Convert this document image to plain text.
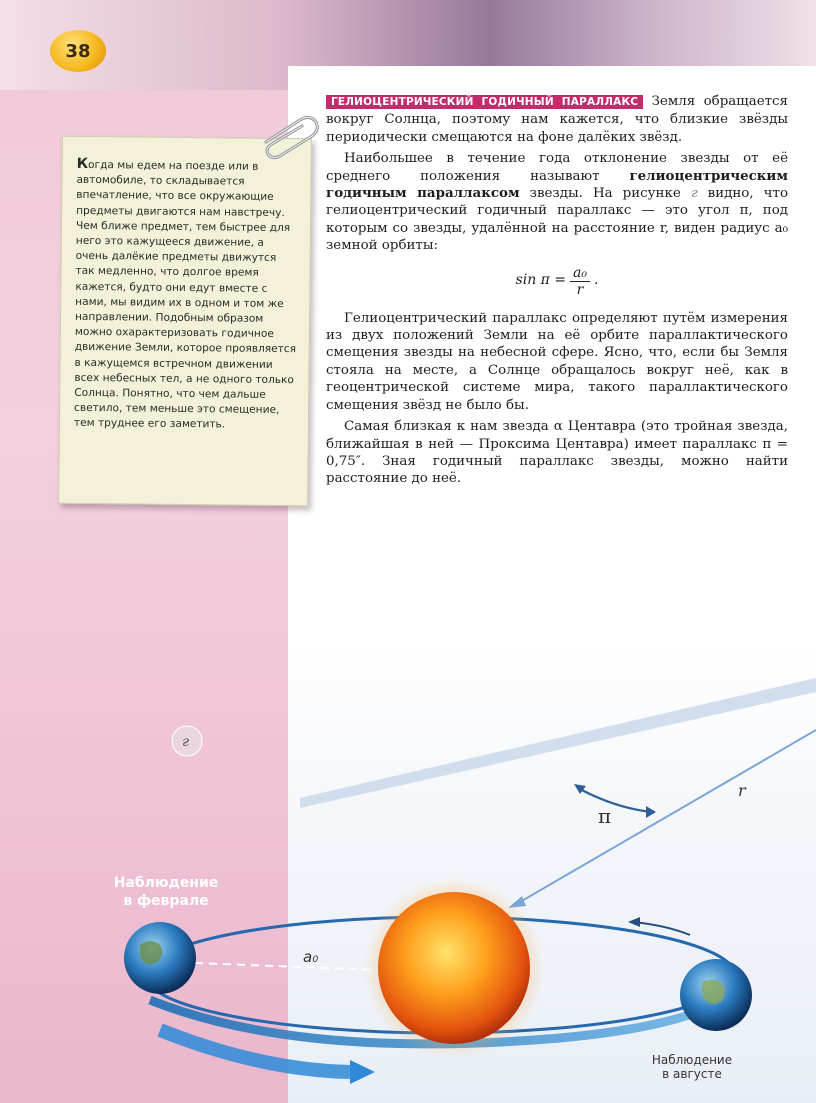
38
Когда мы едем на поезде или в автомобиле, то складывается впечатление, что все окружающие предметы двигаются нам навстречу. Чем ближе предмет, тем быстрее для него это кажущееся движение, а очень далёкие предметы движутся так медленно, что долгое время кажется, будто они едут вместе с нами, мы видим их в одном и том же направлении. Подобным образом можно охарактеризовать годичное движение Земли, которое проявляется в кажущемся встречном движении всех небесных тел, а не одного только Солнца. Понятно, что чем дальше светило, тем меньше это смещение, тем труднее его заметить.

ГЕЛИОЦЕНТРИЧЕСКИЙ ГОДИЧНЫЙ ПАРАЛЛАКС Земля обращается вокруг Солнца, поэтому нам кажется, что близкие звёзды периодически смещаются на фоне далёких звёзд.

Наибольшее в течение года отклонение звезды от её среднего положения называют гелиоцентрическим годичным параллаксом звезды. На рисунке г видно, что гелиоцентрический годичный параллакс — это угол π, под которым со звезды, удалённой на расстояние r, виден радиус a₀ земной орбиты:

$\sin \pi = \frac{\text{a₀}}{r}$ .

Гелиоцентрический параллакс определяют путём измерения из двух положений Земли на её орбите параллактического смещения звезды на небесной сфере. Ясно, что, если бы Земля стояла на месте, а Солнце обращалось вокруг неё, как в геоцентрической системе мира, такого параллактического смещения звёзд не было бы.

Самая близкая к нам звезда α Центавра (это тройная звезда, ближайшая в ней — Проксима Центавра) имеет параллакс π = 0,75″. Зная годичный параллакс звезды, можно найти расстояние до неё.

π
r
г
a₀
Наблюдение
в феврале
Наблюдение
в августе
